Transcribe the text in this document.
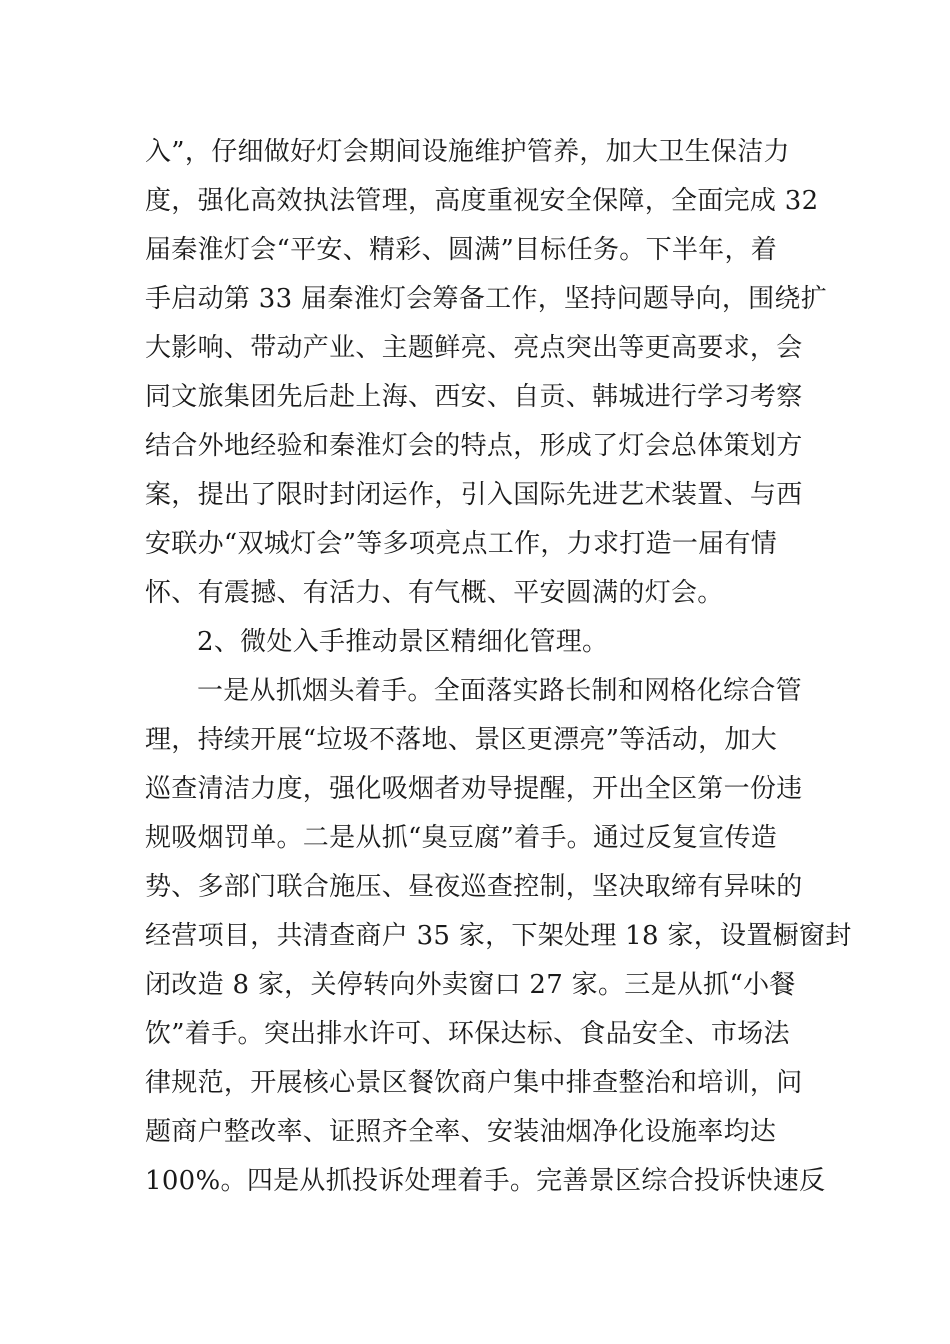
入”，仔细做好灯会期间设施维护管养，加大卫生保洁力
度，强化高效执法管理，高度重视安全保障，全面完成 32
届秦淮灯会“平安、精彩、圆满”目标任务。下半年，着
手启动第 33 届秦淮灯会筹备工作，坚持问题导向，围绕扩
大影响、带动产业、主题鲜亮、亮点突出等更高要求，会
同文旅集团先后赴上海、西安、自贡、韩城进行学习考察
结合外地经验和秦淮灯会的特点，形成了灯会总体策划方
案，提出了限时封闭运作，引入国际先进艺术装置、与西
安联办“双城灯会”等多项亮点工作，力求打造一届有情
怀、有震撼、有活力、有气概、平安圆满的灯会。
2、微处入手推动景区精细化管理。
一是从抓烟头着手。全面落实路长制和网格化综合管
理，持续开展“垃圾不落地、景区更漂亮”等活动，加大
巡查清洁力度，强化吸烟者劝导提醒，开出全区第一份违
规吸烟罚单。二是从抓“臭豆腐”着手。通过反复宣传造
势、多部门联合施压、昼夜巡查控制，坚决取缔有异味的
经营项目，共清查商户 35 家，下架处理 18 家，设置橱窗封
闭改造 8 家，关停转向外卖窗口 27 家。三是从抓“小餐
饮”着手。突出排水许可、环保达标、食品安全、市场法
律规范，开展核心景区餐饮商户集中排查整治和培训，问
题商户整改率、证照齐全率、安装油烟净化设施率均达
100%。四是从抓投诉处理着手。完善景区综合投诉快速反
